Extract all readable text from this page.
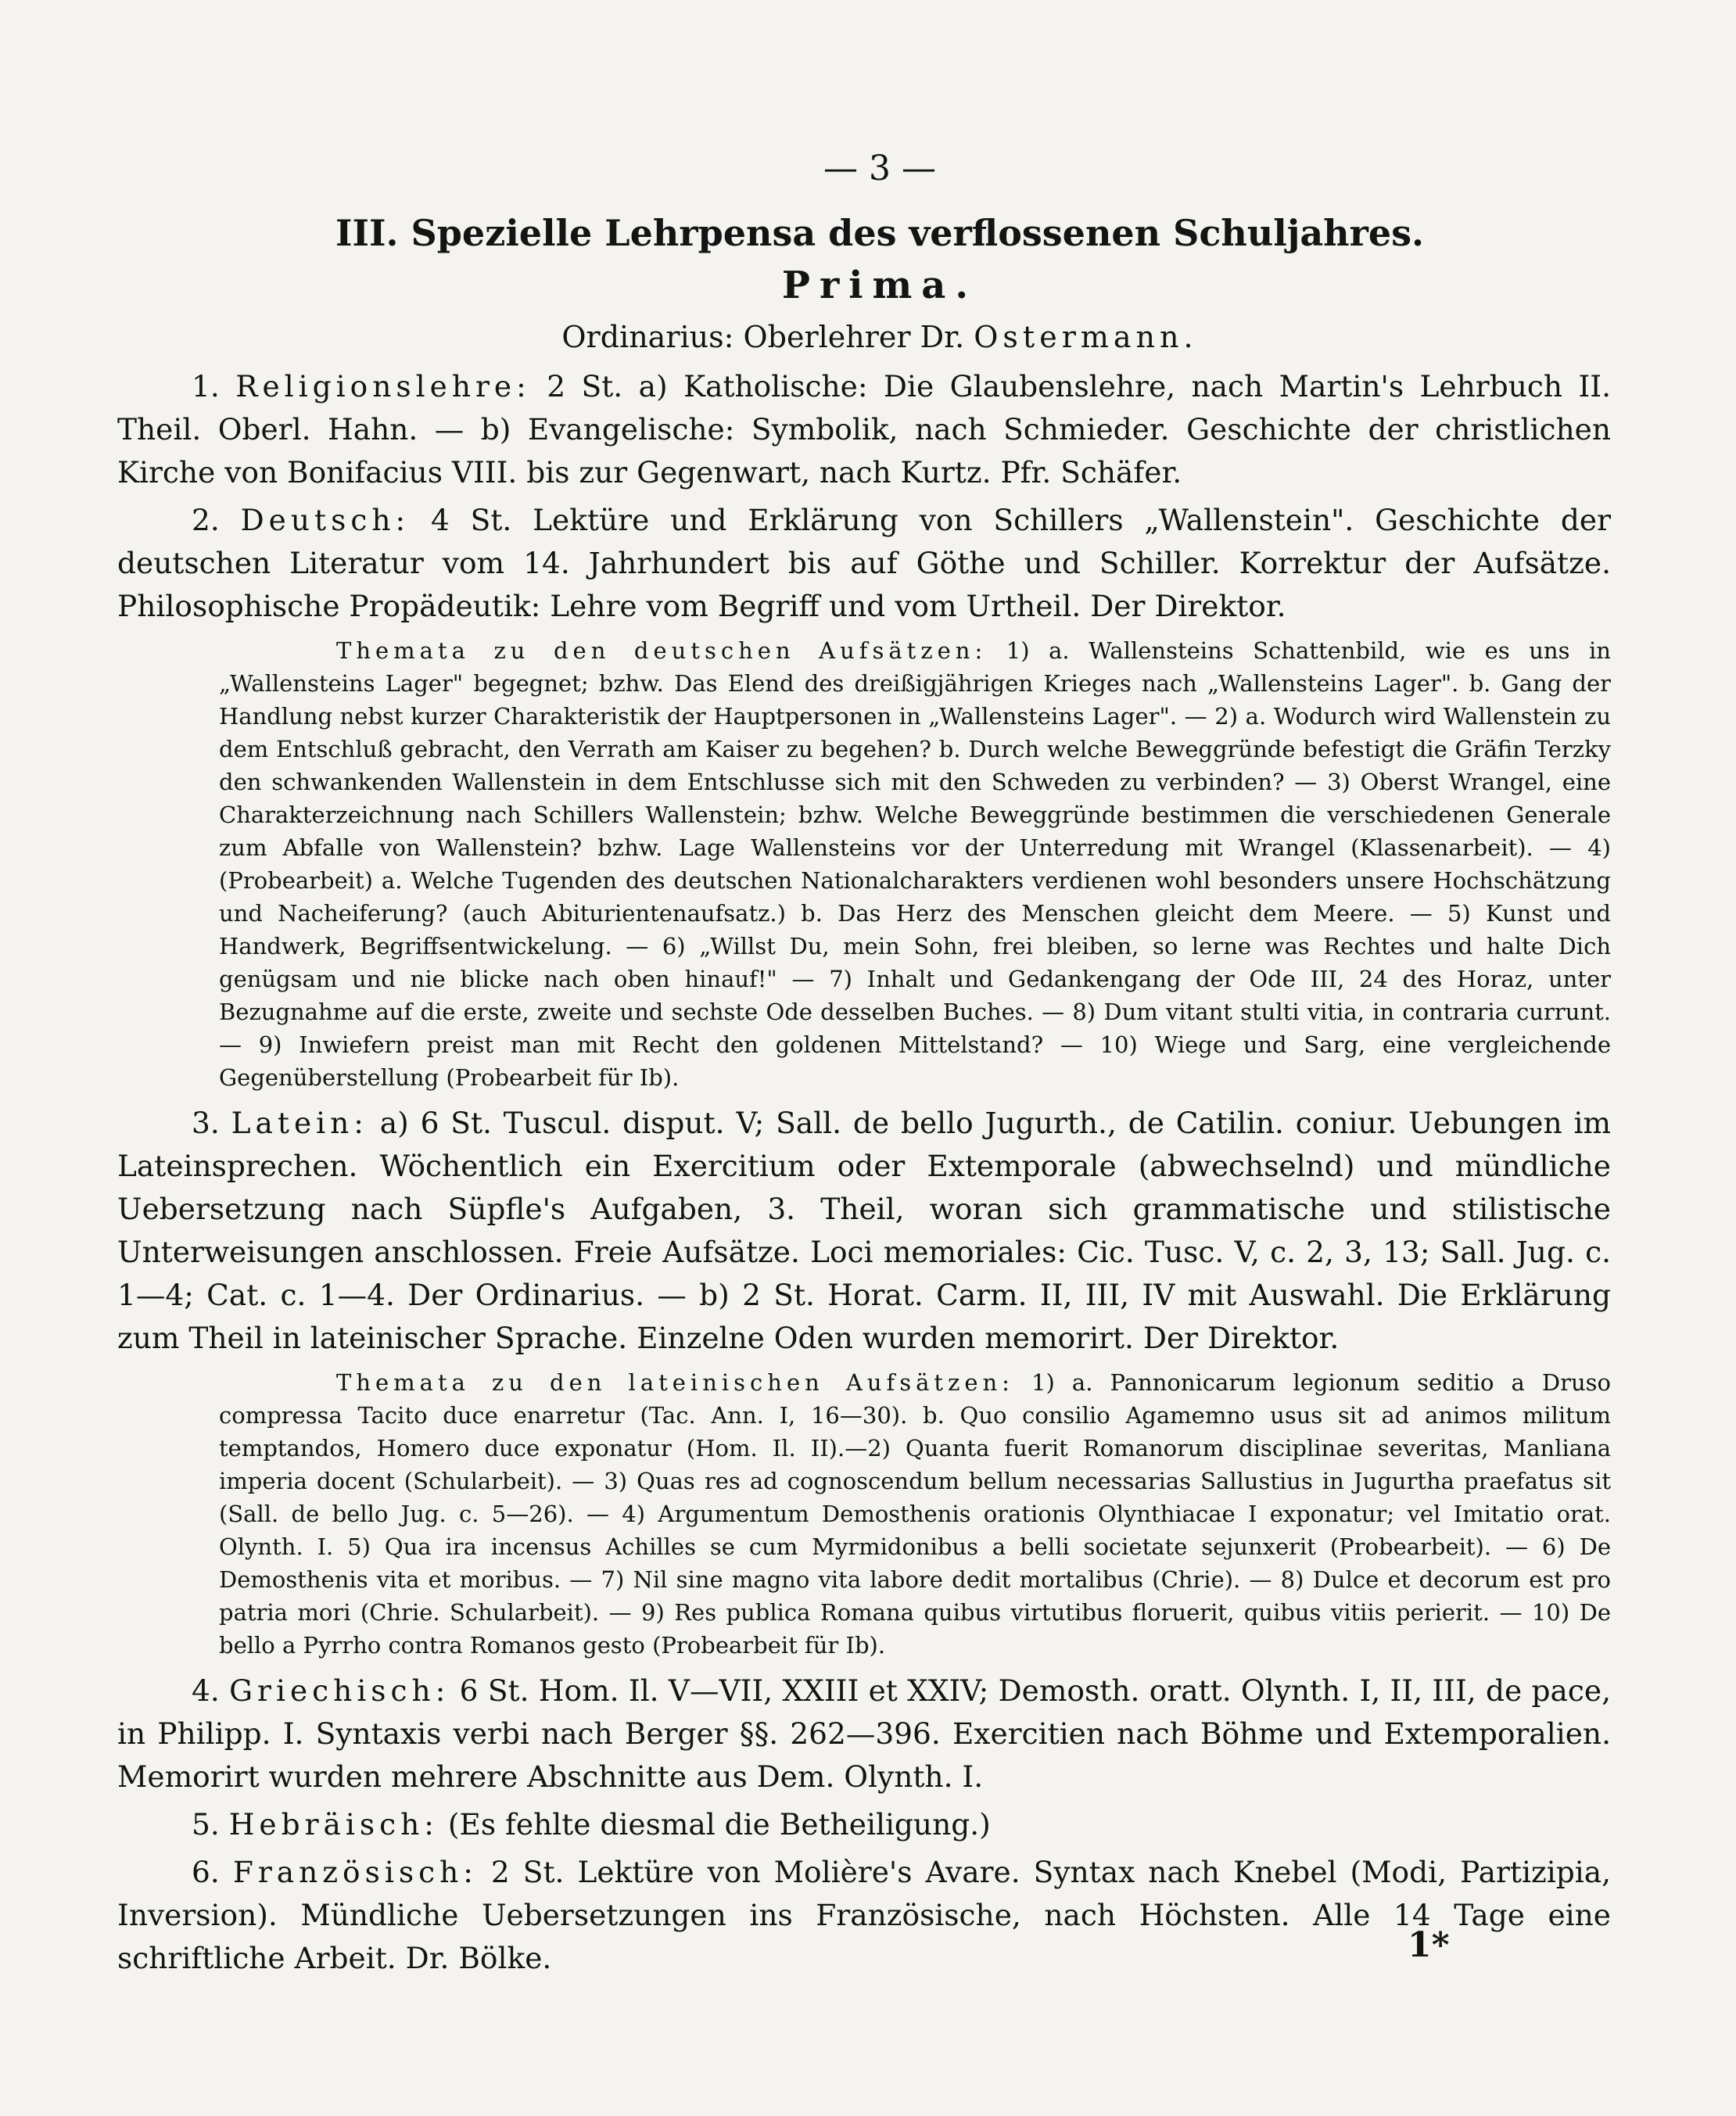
— 3 —
III. Spezielle Lehrpensa des verflossenen Schuljahres.
Prima.
Ordinarius: Oberlehrer Dr. Ostermann.

1. Religionslehre: 2 St. a) Katholische: Die Glaubenslehre, nach Martin's Lehrbuch II. Theil. Oberl. Hahn. — b) Evangelische: Symbolik, nach Schmieder. Geschichte der christlichen Kirche von Bonifacius VIII. bis zur Gegenwart, nach Kurtz. Pfr. Schäfer.

2. Deutsch: 4 St. Lektüre und Erklärung von Schillers „Wallenstein". Geschichte der deutschen Literatur vom 14. Jahrhundert bis auf Göthe und Schiller. Korrektur der Aufsätze. Philosophische Propädeutik: Lehre vom Begriff und vom Urtheil. Der Direktor.

Themata zu den deutschen Aufsätzen: 1) a. Wallensteins Schattenbild, wie es uns in „Wallensteins Lager" begegnet; bzhw. Das Elend des dreißigjährigen Krieges nach „Wallensteins Lager". b. Gang der Handlung nebst kurzer Charakteristik der Hauptpersonen in „Wallensteins Lager". — 2) a. Wodurch wird Wallenstein zu dem Entschluß gebracht, den Verrath am Kaiser zu begehen? b. Durch welche Beweggründe befestigt die Gräfin Terzky den schwankenden Wallenstein in dem Entschlusse sich mit den Schweden zu verbinden? — 3) Oberst Wrangel, eine Charakterzeichnung nach Schillers Wallenstein; bzhw. Welche Beweggründe bestimmen die verschiedenen Generale zum Abfalle von Wallenstein? bzhw. Lage Wallensteins vor der Unterredung mit Wrangel (Klassenarbeit). — 4) (Probearbeit) a. Welche Tugenden des deutschen Nationalcharakters verdienen wohl besonders unsere Hochschätzung und Nacheiferung? (auch Abiturientenaufsatz.) b. Das Herz des Menschen gleicht dem Meere. — 5) Kunst und Handwerk, Begriffsentwickelung. — 6) „Willst Du, mein Sohn, frei bleiben, so lerne was Rechtes und halte Dich genügsam und nie blicke nach oben hinauf!" — 7) Inhalt und Gedankengang der Ode III, 24 des Horaz, unter Bezugnahme auf die erste, zweite und sechste Ode desselben Buches. — 8) Dum vitant stulti vitia, in contraria currunt. — 9) Inwiefern preist man mit Recht den goldenen Mittelstand? — 10) Wiege und Sarg, eine vergleichende Gegenüberstellung (Probearbeit für Ib).

3. Latein: a) 6 St. Tuscul. disput. V; Sall. de bello Jugurth., de Catilin. coniur. Uebungen im Lateinsprechen. Wöchentlich ein Exercitium oder Extemporale (abwechselnd) und mündliche Uebersetzung nach Süpfle's Aufgaben, 3. Theil, woran sich grammatische und stilistische Unterweisungen anschlossen. Freie Aufsätze. Loci memoriales: Cic. Tusc. V, c. 2, 3, 13; Sall. Jug. c. 1—4; Cat. c. 1—4. Der Ordinarius. — b) 2 St. Horat. Carm. II, III, IV mit Auswahl. Die Erklärung zum Theil in lateinischer Sprache. Einzelne Oden wurden memorirt. Der Direktor.

Themata zu den lateinischen Aufsätzen: 1) a. Pannonicarum legionum seditio a Druso compressa Tacito duce enarretur (Tac. Ann. I, 16—30). b. Quo consilio Agamemno usus sit ad animos militum temptandos, Homero duce exponatur (Hom. Il. II).—2) Quanta fuerit Romanorum disciplinae severitas, Manliana imperia docent (Schularbeit). — 3) Quas res ad cognoscendum bellum necessarias Sallustius in Jugurtha praefatus sit (Sall. de bello Jug. c. 5—26). — 4) Argumentum Demosthenis orationis Olynthiacae I exponatur; vel Imitatio orat. Olynth. I. 5) Qua ira incensus Achilles se cum Myrmidonibus a belli societate sejunxerit (Probearbeit). — 6) De Demosthenis vita et moribus. — 7) Nil sine magno vita labore dedit mortalibus (Chrie). — 8) Dulce et decorum est pro patria mori (Chrie. Schularbeit). — 9) Res publica Romana quibus virtutibus floruerit, quibus vitiis perierit. — 10) De bello a Pyrrho contra Romanos gesto (Probearbeit für Ib).

4. Griechisch: 6 St. Hom. Il. V—VII, XXIII et XXIV; Demosth. oratt. Olynth. I, II, III, de pace, in Philipp. I. Syntaxis verbi nach Berger §§. 262—396. Exercitien nach Böhme und Extemporalien. Memorirt wurden mehrere Abschnitte aus Dem. Olynth. I.

5. Hebräisch: (Es fehlte diesmal die Betheiligung.)

6. Französisch: 2 St. Lektüre von Molière's Avare. Syntax nach Knebel (Modi, Partizipia, Inversion). Mündliche Uebersetzungen ins Französische, nach Höchsten. Alle 14 Tage eine schriftliche Arbeit. Dr. Bölke.	1*
